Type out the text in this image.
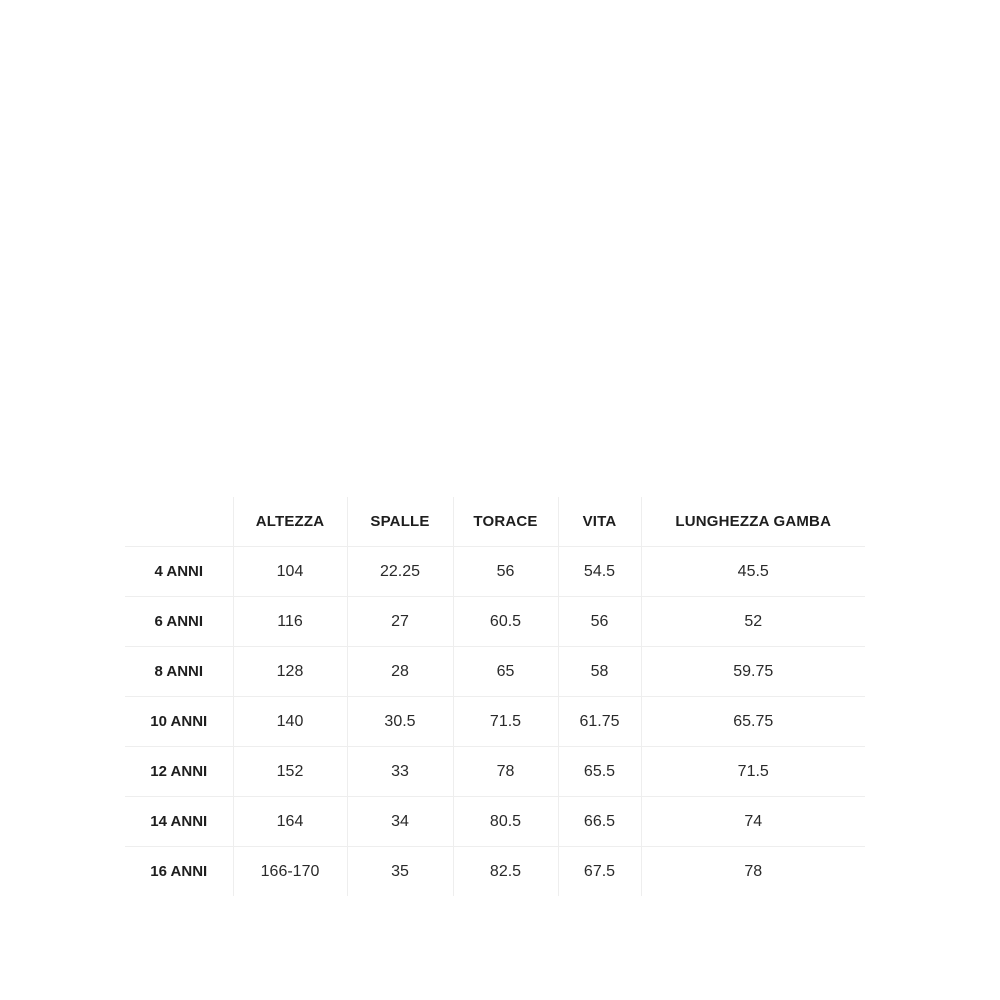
	ALTEZZA	SPALLE	TORACE	VITA	LUNGHEZZA GAMBA
4 ANNI	104	22.25	56	54.5	45.5
6 ANNI	116	27	60.5	56	52
8 ANNI	128	28	65	58	59.75
10 ANNI	140	30.5	71.5	61.75	65.75
12 ANNI	152	33	78	65.5	71.5
14 ANNI	164	34	80.5	66.5	74
16 ANNI	166-170	35	82.5	67.5	78
